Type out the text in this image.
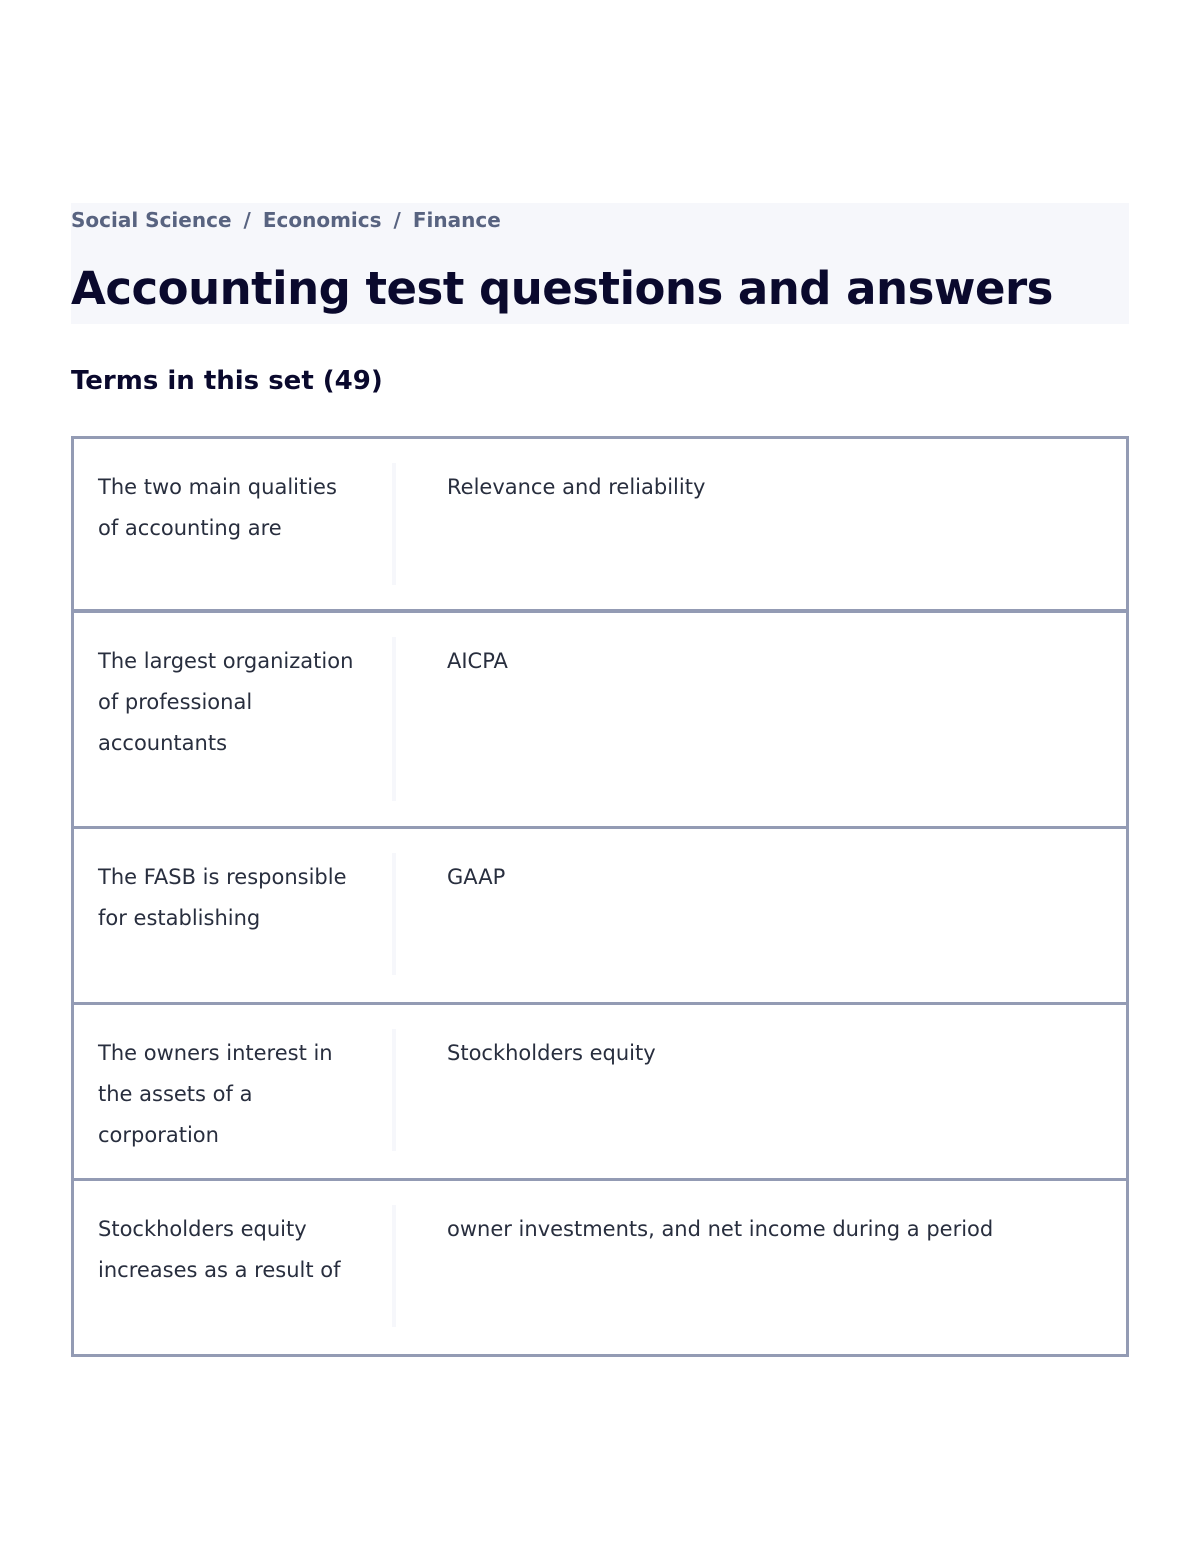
Social Science / Economics / Finance
Accounting test questions and answers
Terms in this set (49)
The two main qualities of accounting are
Relevance and reliability
The largest organization of professional accountants
AICPA
The FASB is responsible for establishing
GAAP
The owners interest in the assets of a corporation
Stockholders equity
Stockholders equity increases as a result of
owner investments, and net income during a period
